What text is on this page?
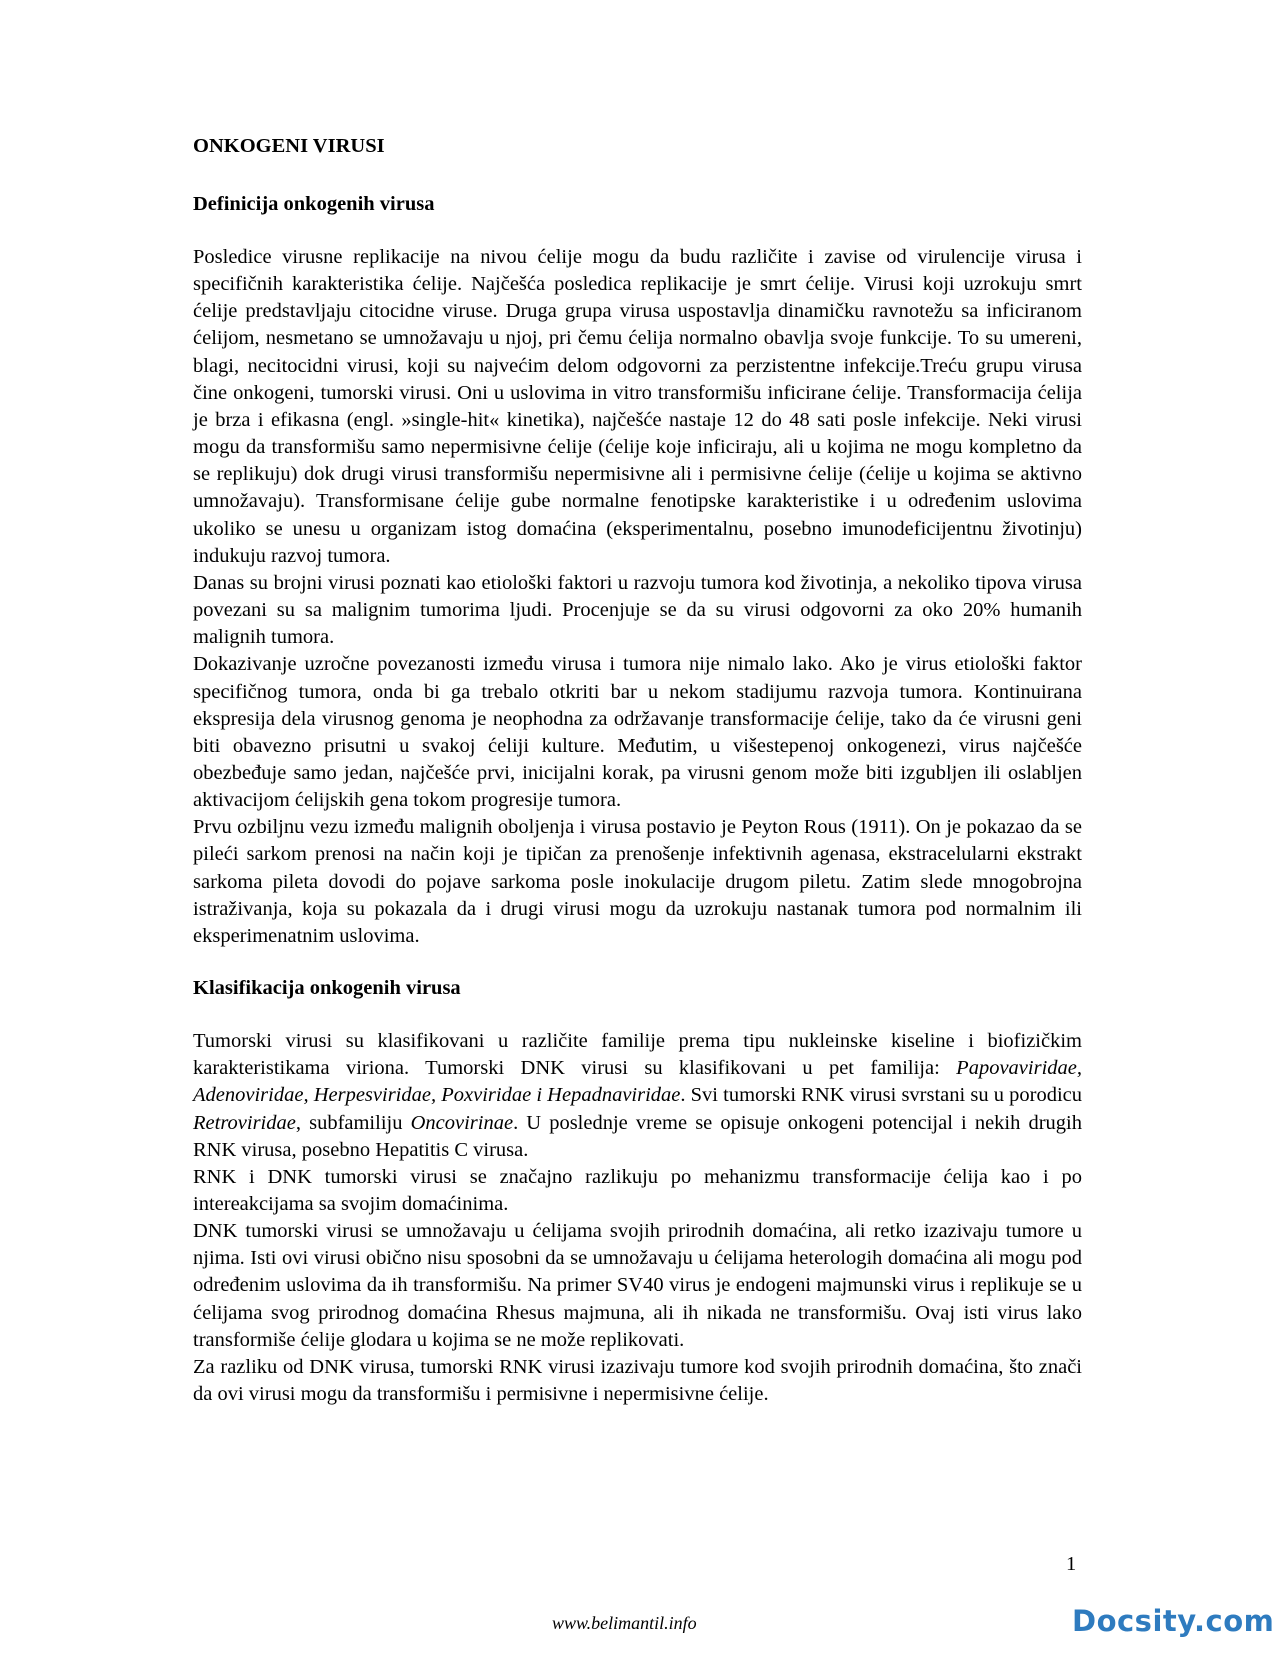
ONKOGENI VIRUSI
Definicija onkogenih virusa

Posledice virusne replikacije na nivou ćelije mogu da budu različite i zavise od virulencije virusa i specifičnih karakteristika ćelije. Najčešća posledica replikacije je smrt ćelije. Virusi koji uzrokuju smrt ćelije predstavljaju citocidne viruse. Druga grupa virusa uspostavlja dinamičku ravnotežu sa inficiranom ćelijom, nesmetano se umnožavaju u njoj, pri čemu ćelija normalno obavlja svoje funkcije. To su umereni, blagi, necitocidni virusi, koji su najvećim delom odgovorni za perzistentne infekcije.Treću grupu virusa čine onkogeni, tumorski virusi. Oni u uslovima in vitro transformišu inficirane ćelije. Transformacija ćelija je brza i efikasna (engl. »single-hit« kinetika), najčešće nastaje 12 do 48 sati posle infekcije. Neki virusi mogu da transformišu samo nepermisivne ćelije (ćelije koje inficiraju, ali u kojima ne mogu kompletno da se replikuju) dok drugi virusi transformišu nepermisivne ali i permisivne ćelije (ćelije u kojima se aktivno umnožavaju). Transformisane ćelije gube normalne fenotipske karakteristike i u određenim uslovima ukoliko se unesu u organizam istog domaćina (eksperimentalnu, posebno imunodeficijentnu životinju) indukuju razvoj tumora.

Danas su brojni virusi poznati kao etiološki faktori u razvoju tumora kod životinja, a nekoliko tipova virusa povezani su sa malignim tumorima ljudi. Procenjuje se da su virusi odgovorni za oko 20% humanih malignih tumora.

Dokazivanje uzročne povezanosti između virusa i tumora nije nimalo lako. Ako je virus etiološki faktor specifičnog tumora, onda bi ga trebalo otkriti bar u nekom stadijumu razvoja tumora. Kontinuirana ekspresija dela virusnog genoma je neophodna za održavanje transformacije ćelije, tako da će virusni geni biti obavezno prisutni u svakoj ćeliji kulture. Međutim, u višestepenoj onkogenezi, virus najčešće obezbeđuje samo jedan, najčešće prvi, inicijalni korak, pa virusni genom može biti izgubljen ili oslabljen aktivacijom ćelijskih gena tokom progresije tumora.

Prvu ozbiljnu vezu između malignih oboljenja i virusa postavio je Peyton Rous (1911). On je pokazao da se pileći sarkom prenosi na način koji je tipičan za prenošenje infektivnih agenasa, ekstracelularni ekstrakt sarkoma pileta dovodi do pojave sarkoma posle inokulacije drugom piletu. Zatim slede mnogobrojna istraživanja, koja su pokazala da i drugi virusi mogu da uzrokuju nastanak tumora pod normalnim ili eksperimenatnim uslovima.

Klasifikacija onkogenih virusa

Tumorski virusi su klasifikovani u različite familije prema tipu nukleinske kiseline i biofizičkim karakteristikama viriona. Tumorski DNK virusi su klasifikovani u pet familija: Papovaviridae, Adenoviridae, Herpesviridae, Poxviridae i Hepadnaviridae. Svi tumorski RNK virusi svrstani su u porodicu Retroviridae, subfamiliju Oncovirinae. U poslednje vreme se opisuje onkogeni potencijal i nekih drugih RNK virusa, posebno Hepatitis C virusa.

RNK i DNK tumorski virusi se značajno razlikuju po mehanizmu transformacije ćelija kao i po intereakcijama sa svojim domaćinima.

DNK tumorski virusi se umnožavaju u ćelijama svojih prirodnih domaćina, ali retko izazivaju tumore u njima. Isti ovi virusi obično nisu sposobni da se umnožavaju u ćelijama heterologih domaćina ali mogu pod određenim uslovima da ih transformišu. Na primer SV40 virus je endogeni majmunski virus i replikuje se u ćelijama svog prirodnog domaćina Rhesus majmuna, ali ih nikada ne transformišu. Ovaj isti virus lako transformiše ćelije glodara u kojima se ne može replikovati.

Za razliku od DNK virusa, tumorski RNK virusi izazivaju tumore kod svojih prirodnih domaćina, što znači da ovi virusi mogu da transformišu i permisivne i nepermisivne ćelije.

1
www.belimantil.info	Docsity.com
